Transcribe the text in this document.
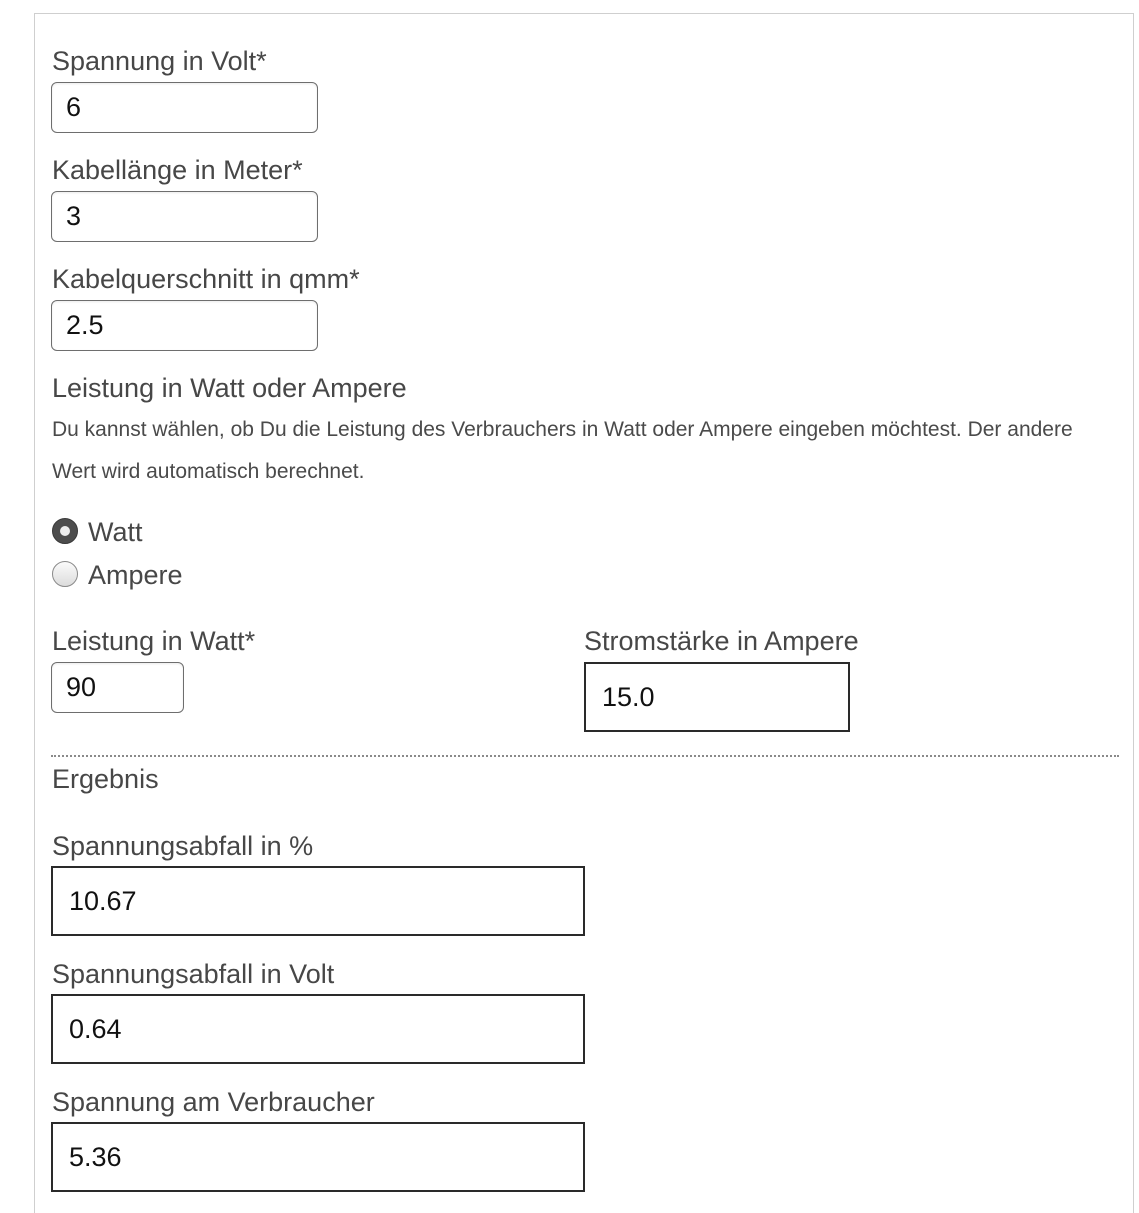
Spannung in Volt*
6
Kabellänge in Meter*
3
Kabelquerschnitt in qmm*
2.5
Leistung in Watt oder Ampere
Du kannst wählen, ob Du die Leistung des Verbrauchers in Watt oder Ampere eingeben möchtest. Der andere Wert wird automatisch berechnet.
Watt
Ampere
Leistung in Watt*
90
Stromstärke in Ampere
15.0
Ergebnis
Spannungsabfall in %
10.67
Spannungsabfall in Volt
0.64
Spannung am Verbraucher
5.36
